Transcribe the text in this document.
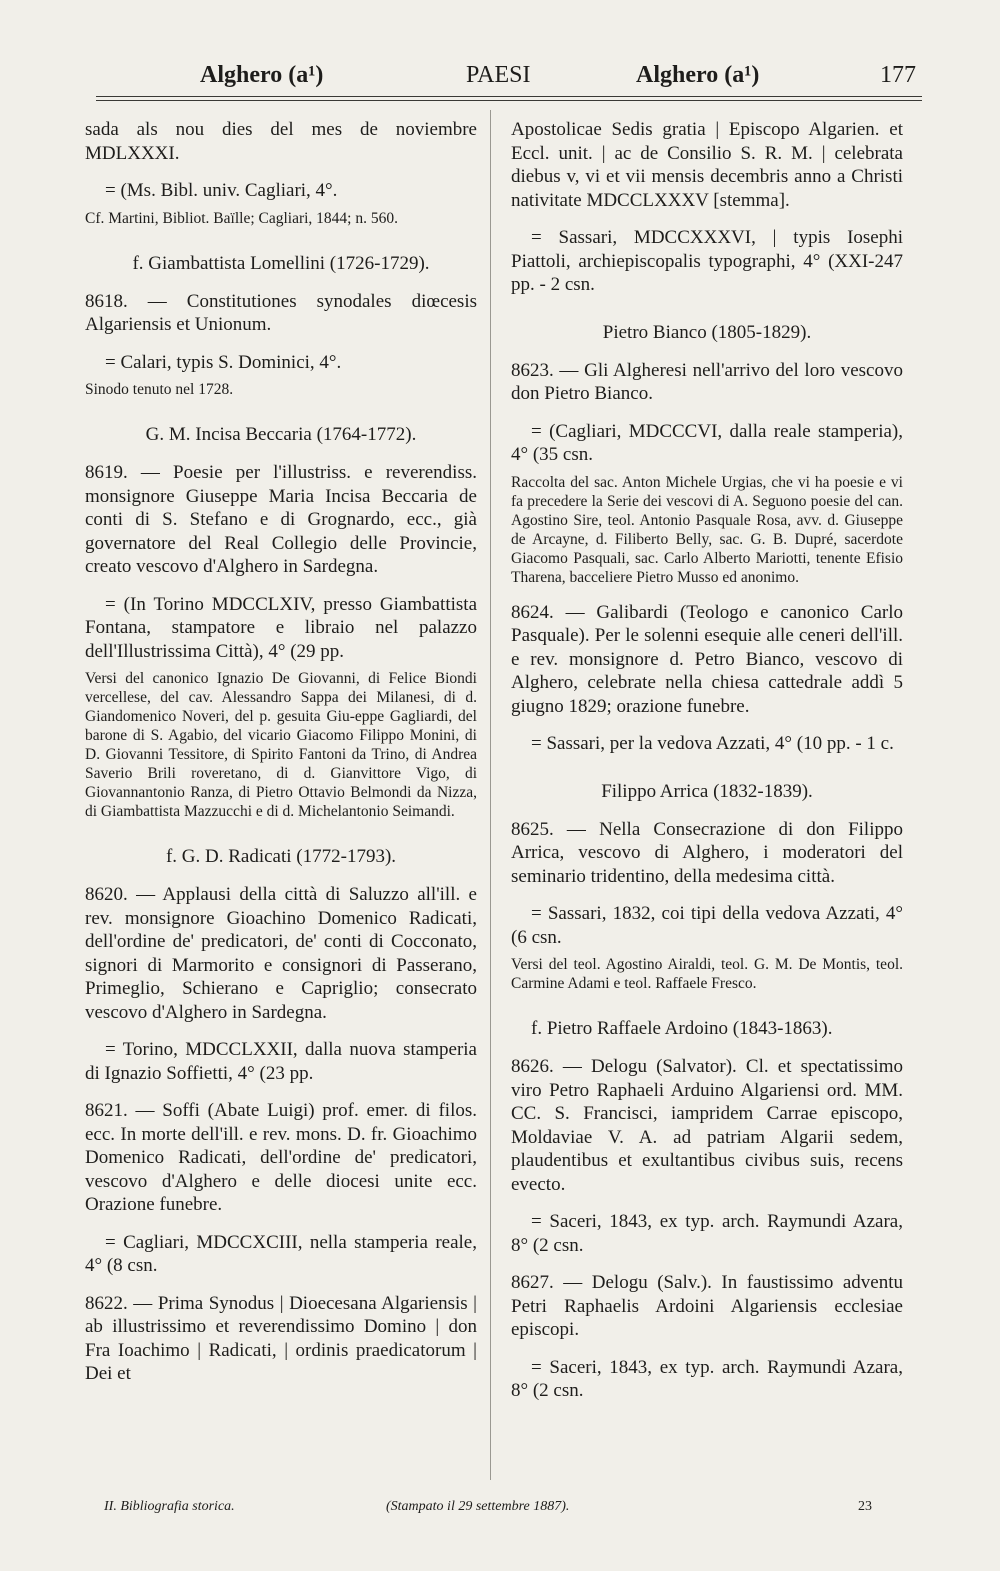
Alghero (a¹)	PAESI	Alghero (a¹)	177

sada als nou dies del mes de noviembre MDLXXXI.

= (Ms. Bibl. univ. Cagliari, 4°.

Cf. Martini, Bibliot. Baïlle; Cagliari, 1844; n. 560.

f. Giambattista Lomellini (1726-1729).

8618. — Constitutiones synodales diœcesis Algariensis et Unionum.

= Calari, typis S. Dominici, 4°.

Sinodo tenuto nel 1728.

G. M. Incisa Beccaria (1764-1772).

8619. — Poesie per l'illustriss. e reverendiss. monsignore Giuseppe Maria Incisa Beccaria de conti di S. Stefano e di Grognardo, ecc., già governatore del Real Collegio delle Provincie, creato vescovo d'Alghero in Sardegna.

= (In Torino MDCCLXIV, presso Giambattista Fontana, stampatore e libraio nel palazzo dell'Illustrissima Città), 4° (29 pp.

Versi del canonico Ignazio De Giovanni, di Felice Biondi vercellese, del cav. Alessandro Sappa dei Milanesi, di d. Giandomenico Noveri, del p. gesuita Giu-eppe Gagliardi, del barone di S. Agabio, del vicario Giacomo Filippo Monini, di D. Giovanni Tessitore, di Spirito Fantoni da Trino, di Andrea Saverio Brili roveretano, di d. Gianvittore Vigo, di Giovannantonio Ranza, di Pietro Ottavio Belmondi da Nizza, di Giambattista Mazzucchi e di d. Michelantonio Seimandi.

f. G. D. Radicati (1772-1793).

8620. — Applausi della città di Saluzzo all'ill. e rev. monsignore Gioachino Domenico Radicati, dell'ordine de' predicatori, de' conti di Cocconato, signori di Marmorito e consignori di Passerano, Primeglio, Schierano e Capriglio; consecrato vescovo d'Alghero in Sardegna.

= Torino, MDCCLXXII, dalla nuova stamperia di Ignazio Soffietti, 4° (23 pp.

8621. — Soffi (Abate Luigi) prof. emer. di filos. ecc. In morte dell'ill. e rev. mons. D. fr. Gioachimo Domenico Radicati, dell'ordine de' predicatori, vescovo d'Alghero e delle diocesi unite ecc. Orazione funebre.

= Cagliari, MDCCXCIII, nella stamperia reale, 4° (8 csn.

8622. — Prima Synodus | Dioecesana Algariensis | ab illustrissimo et reverendissimo Domino | don Fra Ioachimo | Radicati, | ordinis praedicatorum | Dei et

Apostolicae Sedis gratia | Episcopo Algarien. et Eccl. unit. | ac de Consilio S. R. M. | celebrata diebus v, vi et vii mensis decembris anno a Christi nativitate MDCCLXXXV [stemma].

= Sassari, MDCCXXXVI, | typis Iosephi Piattoli, archiepiscopalis typographi, 4° (XXI-247 pp. - 2 csn.

Pietro Bianco (1805-1829).

8623. — Gli Algheresi nell'arrivo del loro vescovo don Pietro Bianco.

= (Cagliari, MDCCCVI, dalla reale stamperia), 4° (35 csn.

Raccolta del sac. Anton Michele Urgias, che vi ha poesie e vi fa precedere la Serie dei vescovi di A. Seguono poesie del can. Agostino Sire, teol. Antonio Pasquale Rosa, avv. d. Giuseppe de Arcayne, d. Filiberto Belly, sac. G. B. Dupré, sacerdote Giacomo Pasquali, sac. Carlo Alberto Mariotti, tenente Efisio Tharena, bacceliere Pietro Musso ed anonimo.

8624. — Galibardi (Teologo e canonico Carlo Pasquale). Per le solenni esequie alle ceneri dell'ill. e rev. monsignore d. Petro Bianco, vescovo di Alghero, celebrate nella chiesa cattedrale addì 5 giugno 1829; orazione funebre.

= Sassari, per la vedova Azzati, 4° (10 pp. - 1 c.

Filippo Arrica (1832-1839).

8625. — Nella Consecrazione di don Filippo Arrica, vescovo di Alghero, i moderatori del seminario tridentino, della medesima città.

= Sassari, 1832, coi tipi della vedova Azzati, 4° (6 csn.

Versi del teol. Agostino Airaldi, teol. G. M. De Montis, teol. Carmine Adami e teol. Raffaele Fresco.

f. Pietro Raffaele Ardoino (1843-1863).

8626. — Delogu (Salvator). Cl. et spectatissimo viro Petro Raphaeli Arduino Algariensi ord. MM. CC. S. Francisci, iampridem Carrae episcopo, Moldaviae V. A. ad patriam Algarii sedem, plaudentibus et exultantibus civibus suis, recens evecto.

= Saceri, 1843, ex typ. arch. Raymundi Azara, 8° (2 csn.

8627. — Delogu (Salv.). In faustissimo adventu Petri Raphaelis Ardoini Algariensis ecclesiae episcopi.

= Saceri, 1843, ex typ. arch. Raymundi Azara, 8° (2 csn.

II. Bibliografia storica.	(Stampato il 29 settembre 1887).	23
